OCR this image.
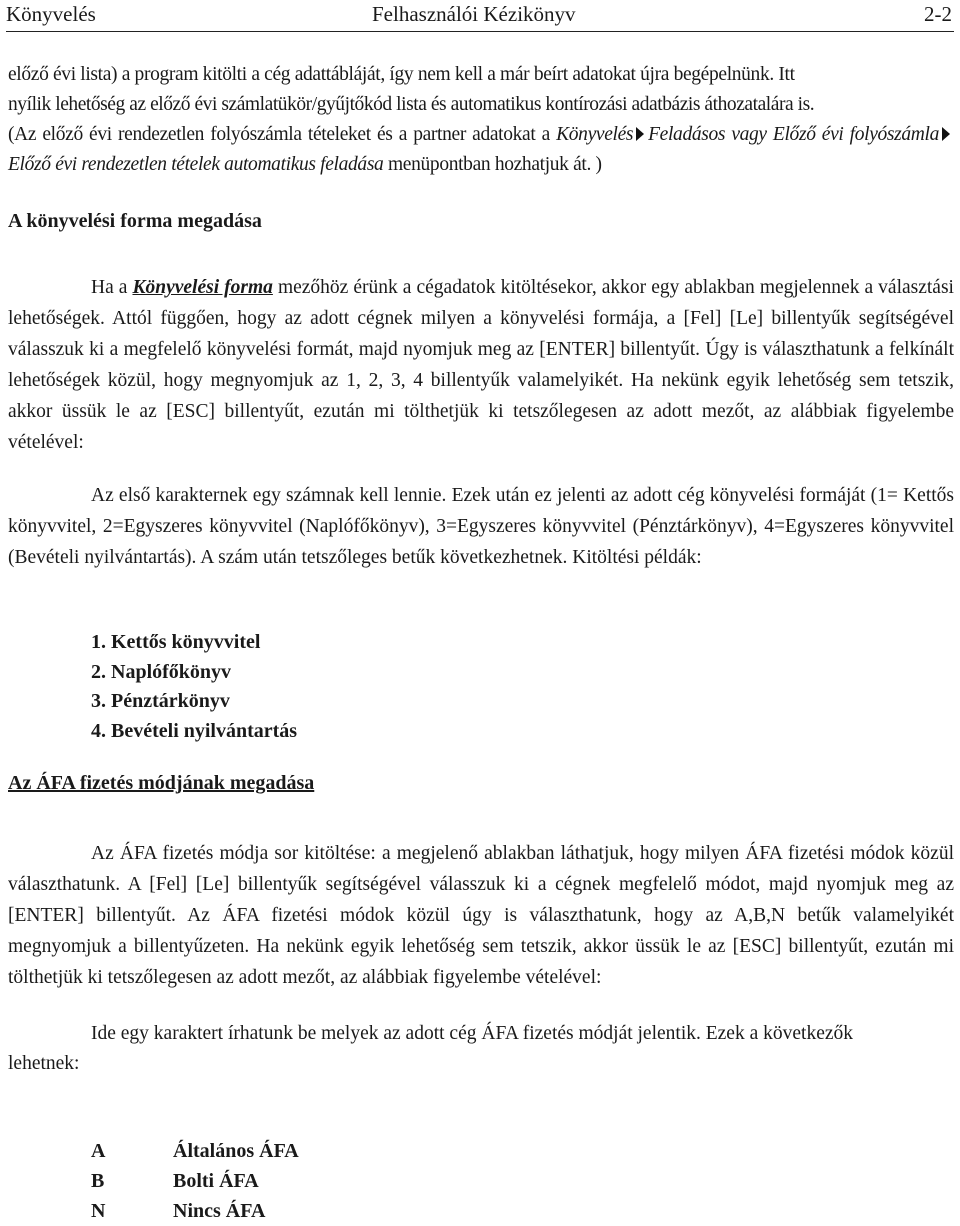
Könyvelés	Felhasználói Kézikönyv	2-2

előző évi lista) a program kitölti a cég adattábláját, így nem kell a már beírt adatokat újra begépelnünk. Itt

nyílik lehetőség az előző évi számlatükör/gyűjtőkód lista és automatikus kontírozási adatbázis áthozatalára is.

(Az előző évi rendezetlen folyószámla tételeket és a partner adatokat a Könyvelés Feladásos vagy Előző évi folyószámlaElőző évi rendezetlen tételek automatikus feladása menüpontban hozhatjuk át. )

A könyvelési forma megadása

Ha a Könyvelési forma mezőhöz érünk a cégadatok kitöltésekor, akkor egy ablakban megjelennek a választási lehetőségek. Attól függően, hogy az adott cégnek milyen a könyvelési formája, a [Fel] [Le] billentyűk segítségével válasszuk ki a megfelelő könyvelési formát, majd nyomjuk meg az [ENTER] billentyűt. Úgy is választhatunk a felkínált lehetőségek közül, hogy megnyomjuk az 1, 2, 3, 4 billentyűk valamelyikét. Ha nekünk egyik lehetőség sem tetszik, akkor üssük le az [ESC] billentyűt, ezután mi tölthetjük ki tetszőlegesen az adott mezőt, az alábbiak figyelembe vételével:

Az első karakternek egy számnak kell lennie. Ezek után ez jelenti az adott cég könyvelési formáját (1= Kettős könyvvitel, 2=Egyszeres könyvvitel (Naplófőkönyv), 3=Egyszeres könyvvitel (Pénztárkönyv), 4=Egyszeres könyvvitel (Bevételi nyilvántartás). A szám után tetszőleges betűk következhetnek. Kitöltési példák:

1. Kettős könyvvitel
2. Naplófőkönyv
3. Pénztárkönyv
4. Bevételi nyilvántartás
Az ÁFA fizetés módjának megadása

Az ÁFA fizetés módja sor kitöltése: a megjelenő ablakban láthatjuk, hogy milyen ÁFA fizetési módok közül választhatunk. A [Fel] [Le] billentyűk segítségével válasszuk ki a cégnek megfelelő módot, majd nyomjuk meg az [ENTER] billentyűt. Az ÁFA fizetési módok közül úgy is választhatunk, hogy az A,B,N betűk valamelyikét megnyomjuk a billentyűzeten. Ha nekünk egyik lehetőség sem tetszik, akkor üssük le az [ESC] billentyűt, ezután mi tölthetjük ki tetszőlegesen az adott mezőt, az alábbiak figyelembe vételével:

Ide egy karaktert írhatunk be melyek az adott cég ÁFA fizetés módját jelentik. Ezek a következők

lehetnek:

A	Általános ÁFA
B	Bolti ÁFA
N	Nincs ÁFA
